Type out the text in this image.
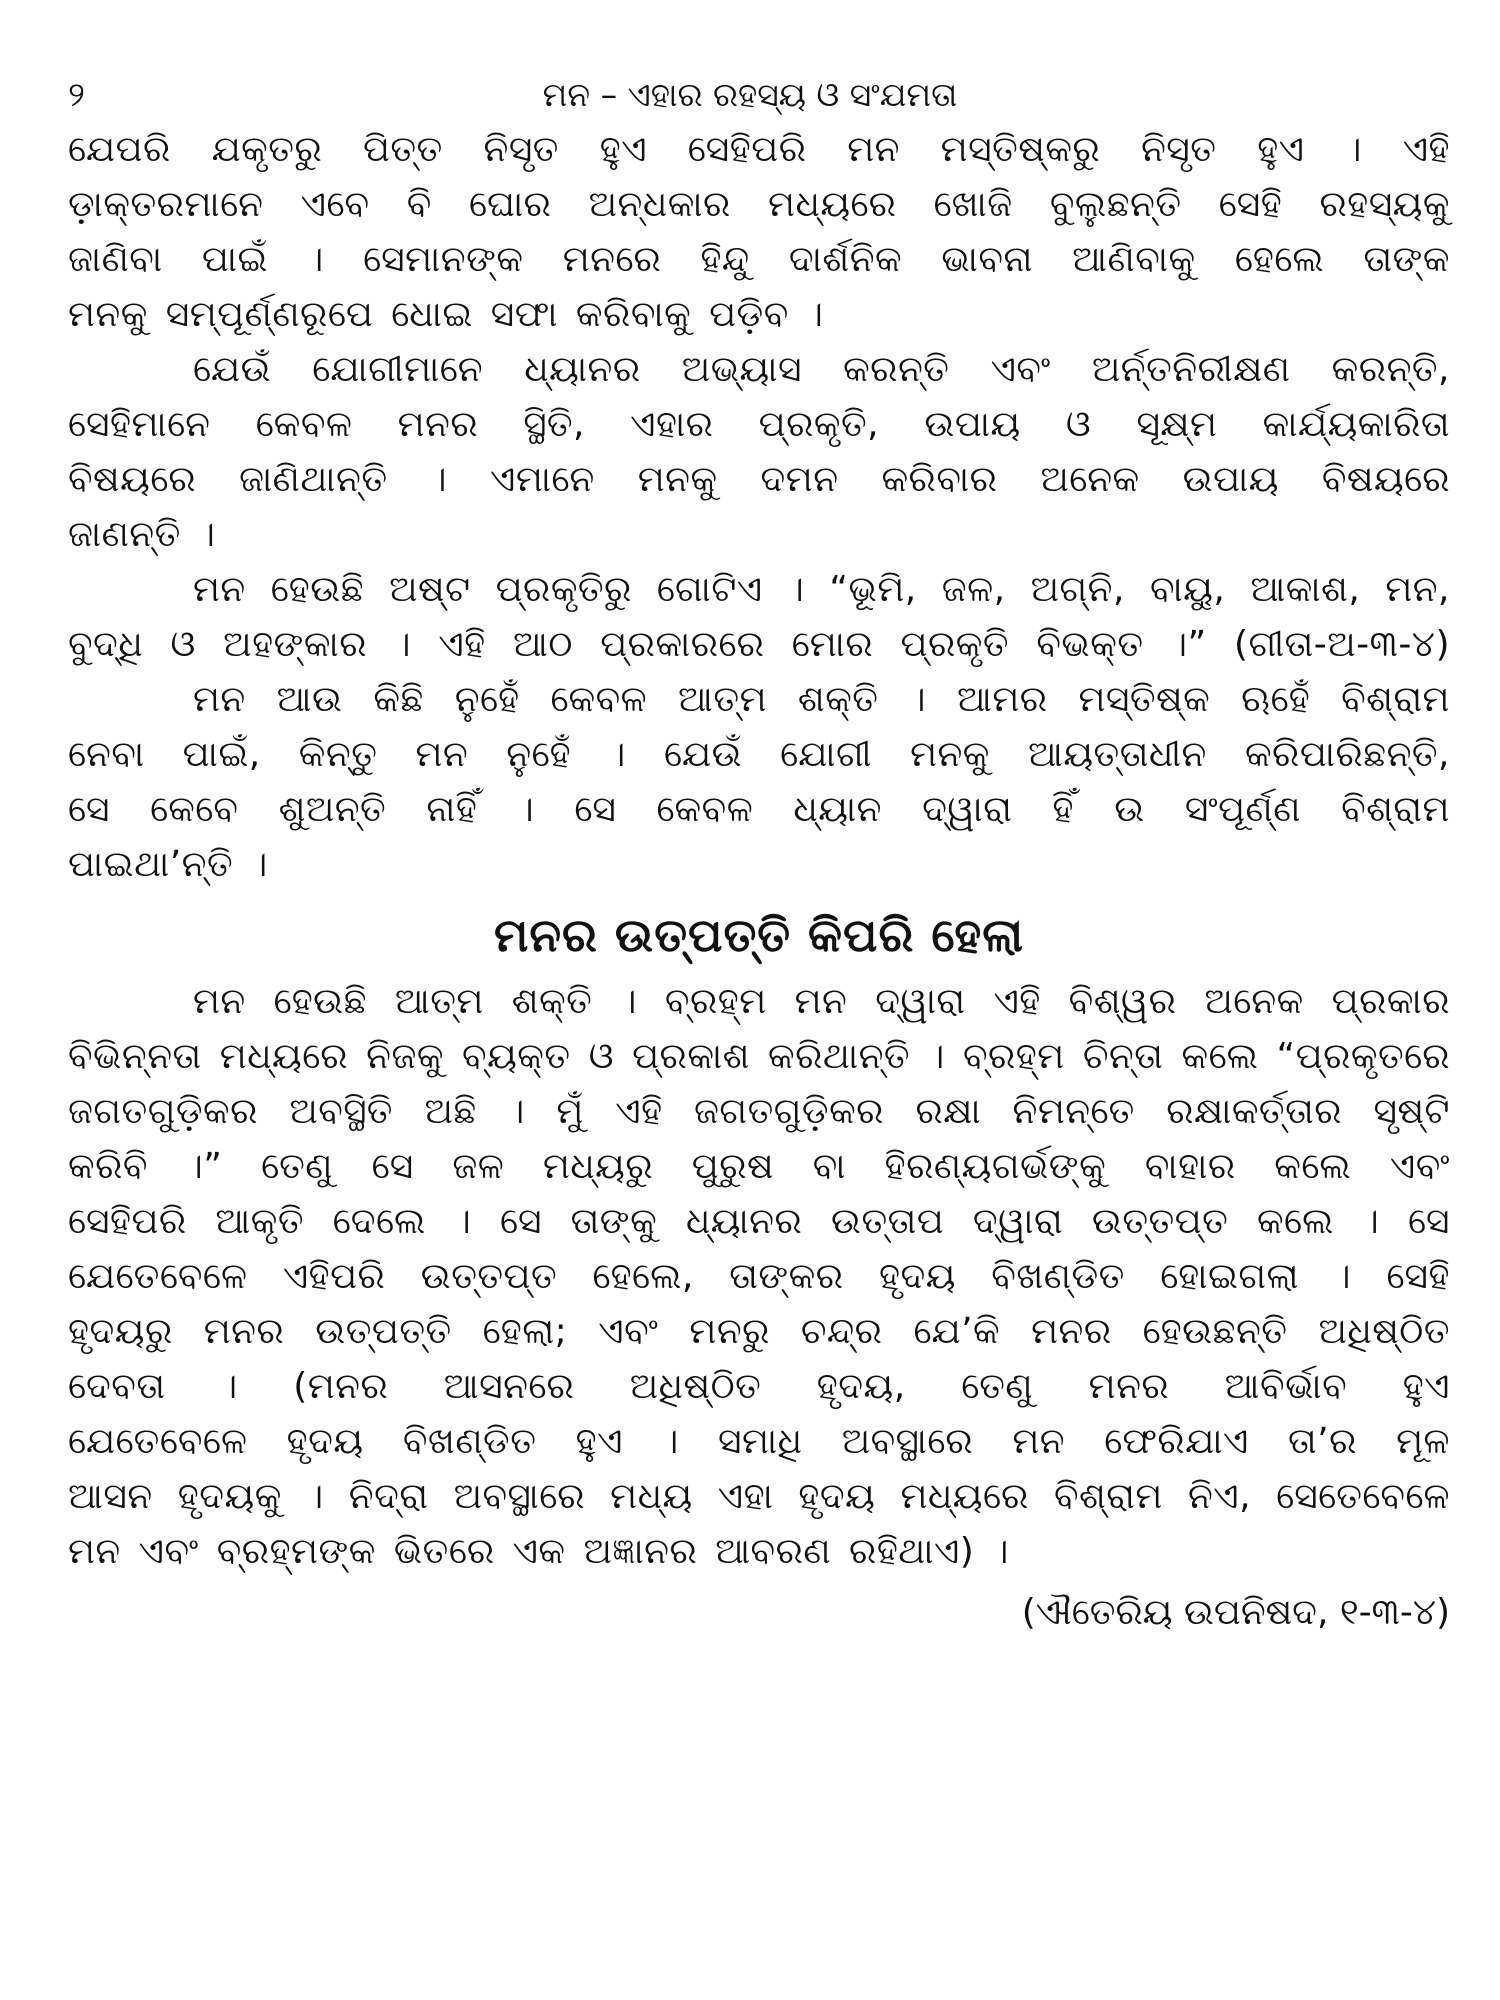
୨	ମନ – ଏହାର ରହସ୍ୟ ଓ ସଂଯମତା
ଯେପରି ଯକୃତରୁ ପିତ୍ତ ନିସୃତ ହୁଏ ସେହିପରି ମନ ମସ୍ତିଷ୍କରୁ ନିସୃତ ହୁଏ । ଏହି
ଡ଼ାକ୍ତରମାନେ ଏବେ ବି ଘୋର ଅନ୍ଧକାର ମଧ୍ୟରେ ଖୋଜି ବୁଲୁଛନ୍ତି ସେହି ରହସ୍ୟକୁ
ଜାଣିବା ପାଇଁ । ସେମାନଙ୍କ ମନରେ ହିନ୍ଦୁ ଦାର୍ଶନିକ ଭାବନା ଆଣିବାକୁ ହେଲେ ତାଙ୍କ
ମନକୁ ସମ୍ପୂର୍ଣ୍ଣରୂପେ ଧୋଇ ସଫା କରିବାକୁ ପଡ଼ିବ ।
ଯେଉଁ ଯୋଗୀମାନେ ଧ୍ୟାନର ଅଭ୍ୟାସ କରନ୍ତି ଏବଂ ଅର୍ନ୍ତନିରୀକ୍ଷଣ କରନ୍ତି,
ସେହିମାନେ କେବଳ ମନର ସ୍ଥିତି, ଏହାର ପ୍ରକୃତି, ଉପାୟ ଓ ସୂକ୍ଷ୍ମ କାର୍ଯ୍ୟକାରିତା
ବିଷୟରେ ଜାଣିଥାନ୍ତି । ଏମାନେ ମନକୁ ଦମନ କରିବାର ଅନେକ ଉପାୟ ବିଷୟରେ
ଜାଣନ୍ତି ।
ମନ ହେଉଛି ଅଷ୍ଟ ପ୍ରକୃତିରୁ ଗୋଟିଏ । “ଭୂମି, ଜଳ, ଅଗ୍ନି, ବାୟୁ, ଆକାଶ, ମନ,
ବୁଦ୍ଧି ଓ ଅହଙ୍କାର । ଏହି ଆଠ ପ୍ରକାରରେ ମୋର ପ୍ରକୃତି ବିଭକ୍ତ ।” (ଗୀତା-ଅ-୩-୪)
ମନ ଆଉ କିଛି ନୁହେଁ କେବଳ ଆତ୍ମ ଶକ୍ତି । ଆମର ମସ୍ତିଷ୍କ ଋହେଁ ବିଶ୍ରାମ
ନେବା ପାଇଁ, କିନ୍ତୁ ମନ ନୁହେଁ । ଯେଉଁ ଯୋଗୀ ମନକୁ ଆୟତ୍ତାଧୀନ କରିପାରିଛନ୍ତି,
ସେ କେବେ ଶୁଅନ୍ତି ନାହିଁ । ସେ କେବଳ ଧ୍ୟାନ ଦ୍ୱାରା ହିଁ ଉ ସଂପୂର୍ଣ୍ଣ ବିଶ୍ରାମ
ପାଇଥା’ନ୍ତି ।
ମନର ଉତ୍ପତ୍ତି କିପରି ହେଲା
ମନ ହେଉଛି ଆତ୍ମ ଶକ୍ତି । ବ୍ରହ୍ମ ମନ ଦ୍ୱାରା ଏହି ବିଶ୍ୱର ଅନେକ ପ୍ରକାର
ବିଭିନ୍ନତା ମଧ୍ୟରେ ନିଜକୁ ବ୍ୟକ୍ତ ଓ ପ୍ରକାଶ କରିଥାନ୍ତି । ବ୍ରହ୍ମ ଚିନ୍ତା କଲେ “ପ୍ରକୃତରେ
ଜଗତଗୁଡ଼ିକର ଅବସ୍ଥିତି ଅଛି । ମୁଁ ଏହି ଜଗତଗୁଡ଼ିକର ରକ୍ଷା ନିମନ୍ତେ ରକ୍ଷାକର୍ତ୍ତାର ସୃଷ୍ଟି
କରିବି ।” ତେଣୁ ସେ ଜଳ ମଧ୍ୟରୁ ପୁରୁଷ ବା ହିରଣ୍ୟଗର୍ଭଙ୍କୁ ବାହାର କଲେ ଏବଂ
ସେହିପରି ଆକୃତି ଦେଲେ । ସେ ତାଙ୍କୁ ଧ୍ୟାନର ଉତ୍ତାପ ଦ୍ୱାରା ଉତ୍ତପ୍ତ କଲେ । ସେ
ଯେତେବେଳେ ଏହିପରି ଉତ୍ତପ୍ତ ହେଲେ, ତାଙ୍କର ହୃଦୟ ବିଖଣ୍ଡିତ ହୋଇଗଲା । ସେହି
ହୃଦୟରୁ ମନର ଉତ୍ପତ୍ତି ହେଲା; ଏବଂ ମନରୁ ଚନ୍ଦ୍ର ଯେ’କି ମନର ହେଉଛନ୍ତି ଅଧିଷ୍ଠିତ
ଦେବତା । (ମନର ଆସନରେ ଅଧିଷ୍ଠିତ ହୃଦୟ, ତେଣୁ ମନର ଆବିର୍ଭାବ ହୁଏ
ଯେତେବେଳେ ହୃଦୟ ବିଖଣ୍ଡିତ ହୁଏ । ସମାଧି ଅବସ୍ଥାରେ ମନ ଫେରିଯାଏ ତା’ର ମୂଳ
ଆସନ ହୃଦୟକୁ । ନିଦ୍ରା ଅବସ୍ଥାରେ ମଧ୍ୟ ଏହା ହୃଦୟ ମଧ୍ୟରେ ବିଶ୍ରାମ ନିଏ, ସେତେବେଳେ
ମନ ଏବଂ ବ୍ରହ୍ମଙ୍କ ଭିତରେ ଏକ ଅଜ୍ଞାନର ଆବରଣ ରହିଥାଏ) ।
(ଐତେରିୟ ଉପନିଷଦ, ୧-୩-୪)
